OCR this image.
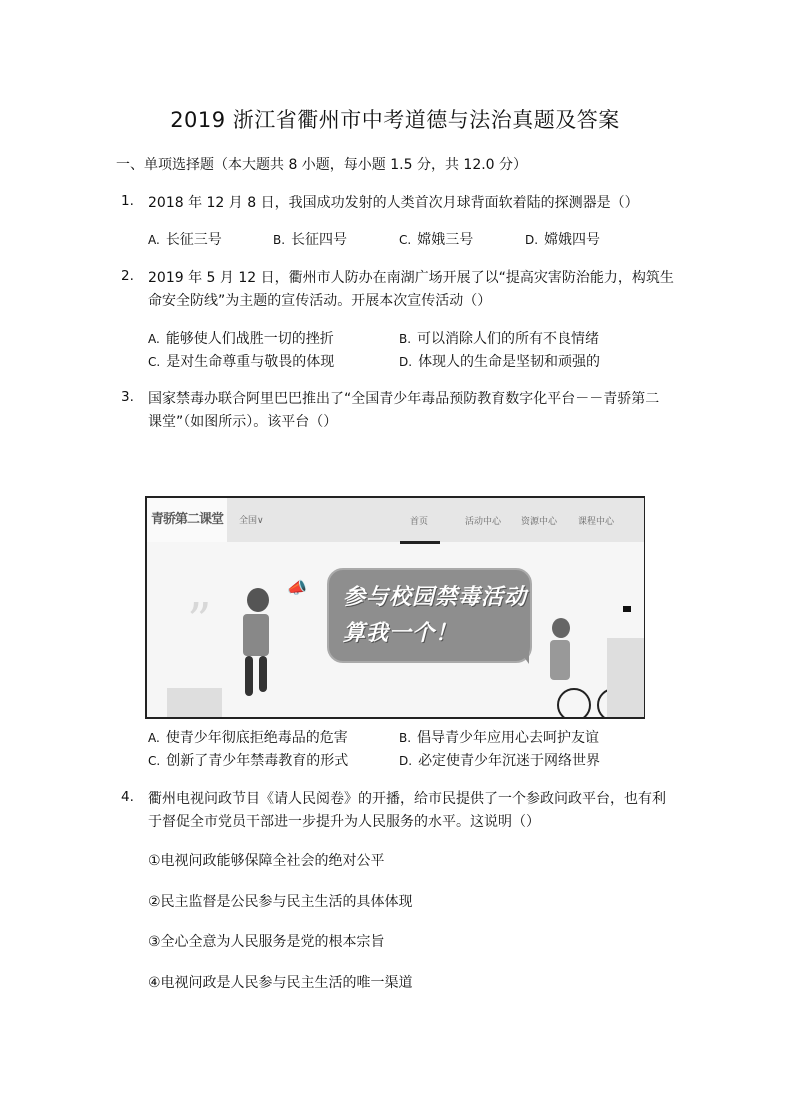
2019 浙江省衢州市中考道德与法治真题及答案
一、单项选择题（本大题共 8 小题，每小题 1.5 分，共 12.0 分）
1. 2018 年 12 月 8 日，我国成功发射的人类首次月球背面软着陆的探测器是（）
A. 长征三号	B. 长征四号	C. 嫦娥三号	D. 嫦娥四号
2. 2019 年 5 月 12 日，衢州市人防办在南湖广场开展了以“提高灾害防治能力，构筑生
命安全防线”为主题的宣传活动。开展本次宣传活动（）
A. 能够使人们战胜一切的挫折	B. 可以消除人们的所有不良情绪
C. 是对生命尊重与敬畏的体现	D. 体现人的生命是坚韧和顽强的
3. 国家禁毒办联合阿里巴巴推出了“全国青少年毒品预防教育数字化平台－－青骄第二
课堂”（如图所示）。该平台（）
青骄第二课堂	全国∨	首页	活动中心 资源中心 课程中心
”
📣 参与校园禁毒活动
算我一个！
A. 使青少年彻底拒绝毒品的危害	B. 倡导青少年应用心去呵护友谊
C. 创新了青少年禁毒教育的形式	D. 必定使青少年沉迷于网络世界
4. 衢州电视问政节目《请人民阅卷》的开播，给市民提供了一个参政问政平台，也有利
于督促全市党员干部进一步提升为人民服务的水平。这说明（）
①电视问政能够保障全社会的绝对公平
②民主监督是公民参与民主生活的具体体现
③全心全意为人民服务是党的根本宗旨
④电视问政是人民参与民主生活的唯一渠道
